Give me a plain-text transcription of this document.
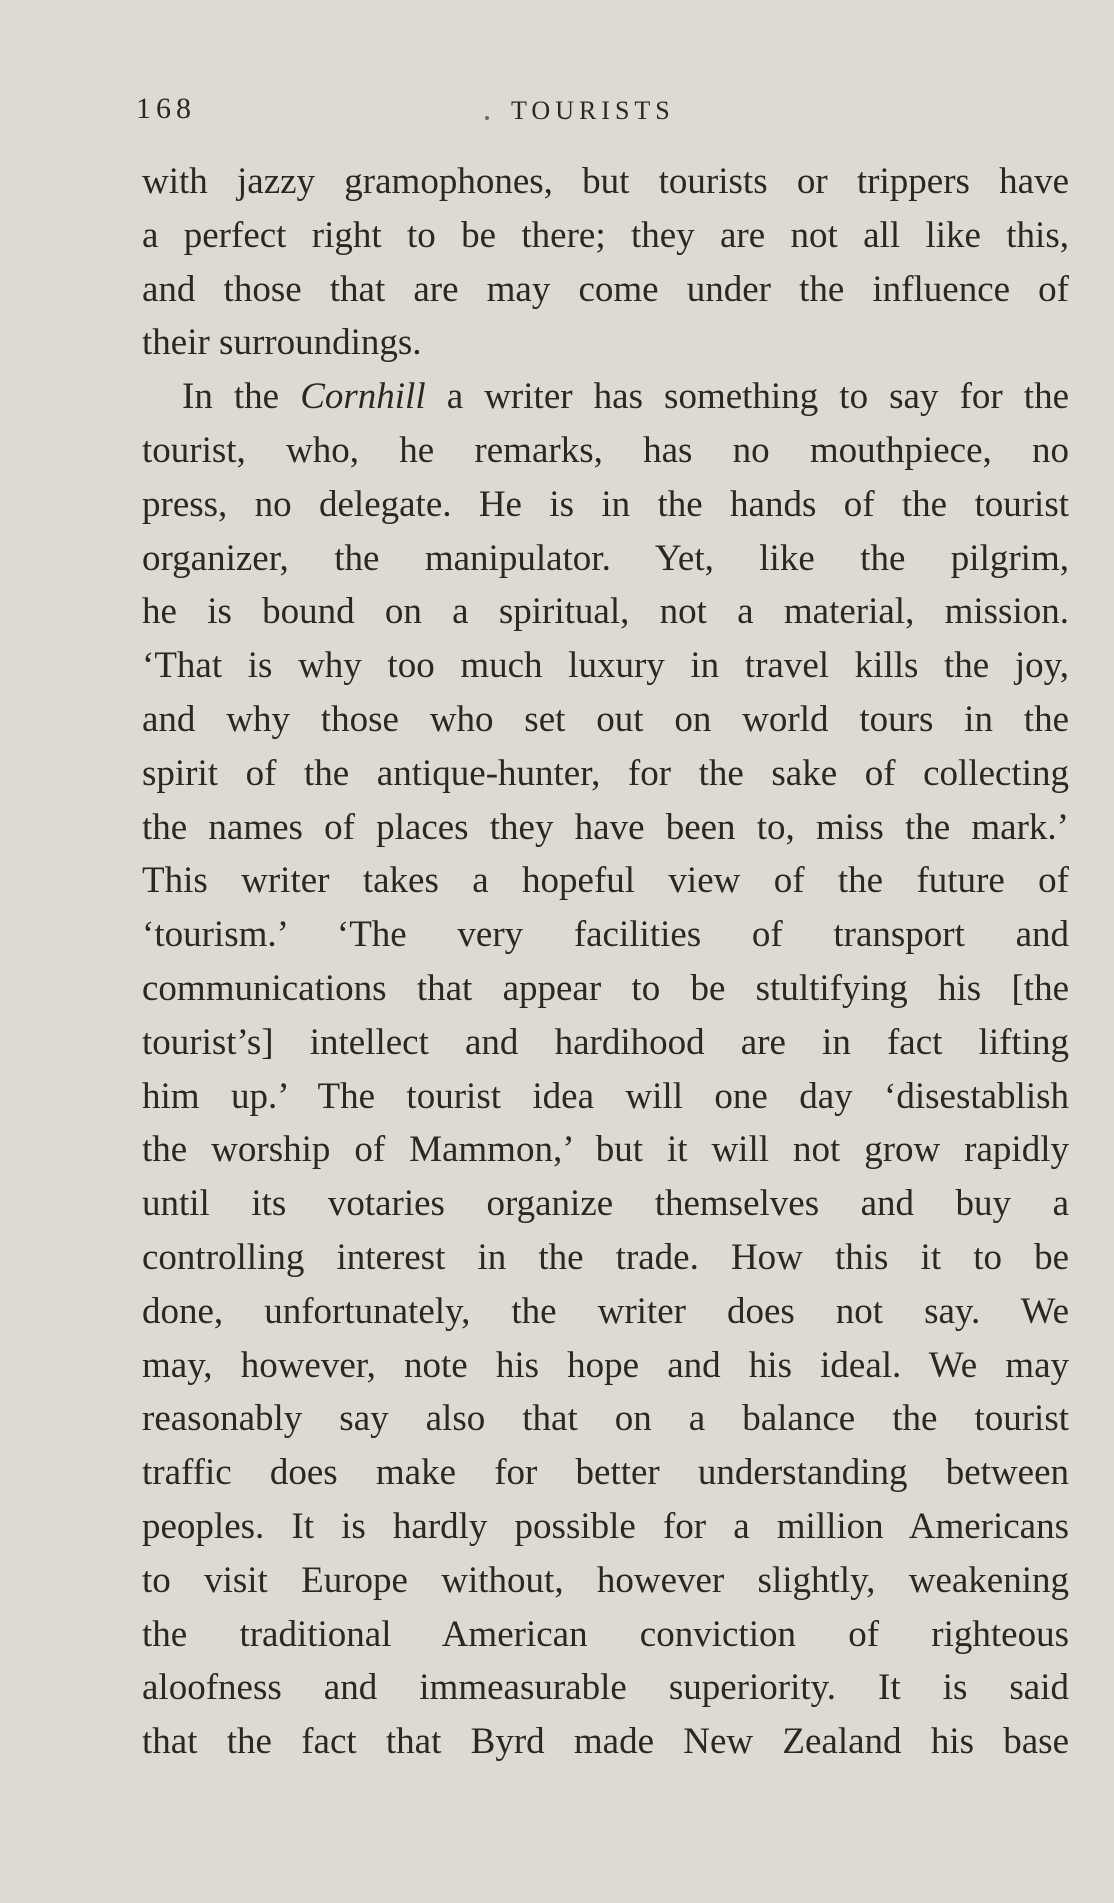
168	TOURISTS
with jazzy gramophones, but tourists or trippers have
a perfect right to be there; they are not all like this,
and those that are may come under the influence of
their surroundings.
In the Cornhill a writer has something to say for the
tourist, who, he remarks, has no mouthpiece, no
press, no delegate. He is in the hands of the tourist
organizer, the manipulator. Yet, like the pilgrim,
he is bound on a spiritual, not a material, mission.
‘That is why too much luxury in travel kills the joy,
and why those who set out on world tours in the
spirit of the antique-hunter, for the sake of collecting
the names of places they have been to, miss the mark.’
This writer takes a hopeful view of the future of
‘tourism.’ ‘The very facilities of transport and
communications that appear to be stultifying his [the
tourist’s] intellect and hardihood are in fact lifting
him up.’ The tourist idea will one day ‘disestablish
the worship of Mammon,’ but it will not grow rapidly
until its votaries organize themselves and buy a
controlling interest in the trade. How this it to be
done, unfortunately, the writer does not say. We
may, however, note his hope and his ideal. We may
reasonably say also that on a balance the tourist
traffic does make for better understanding between
peoples. It is hardly possible for a million Americans
to visit Europe without, however slightly, weakening
the traditional American conviction of righteous
aloofness and immeasurable superiority. It is said
that the fact that Byrd made New Zealand his base
